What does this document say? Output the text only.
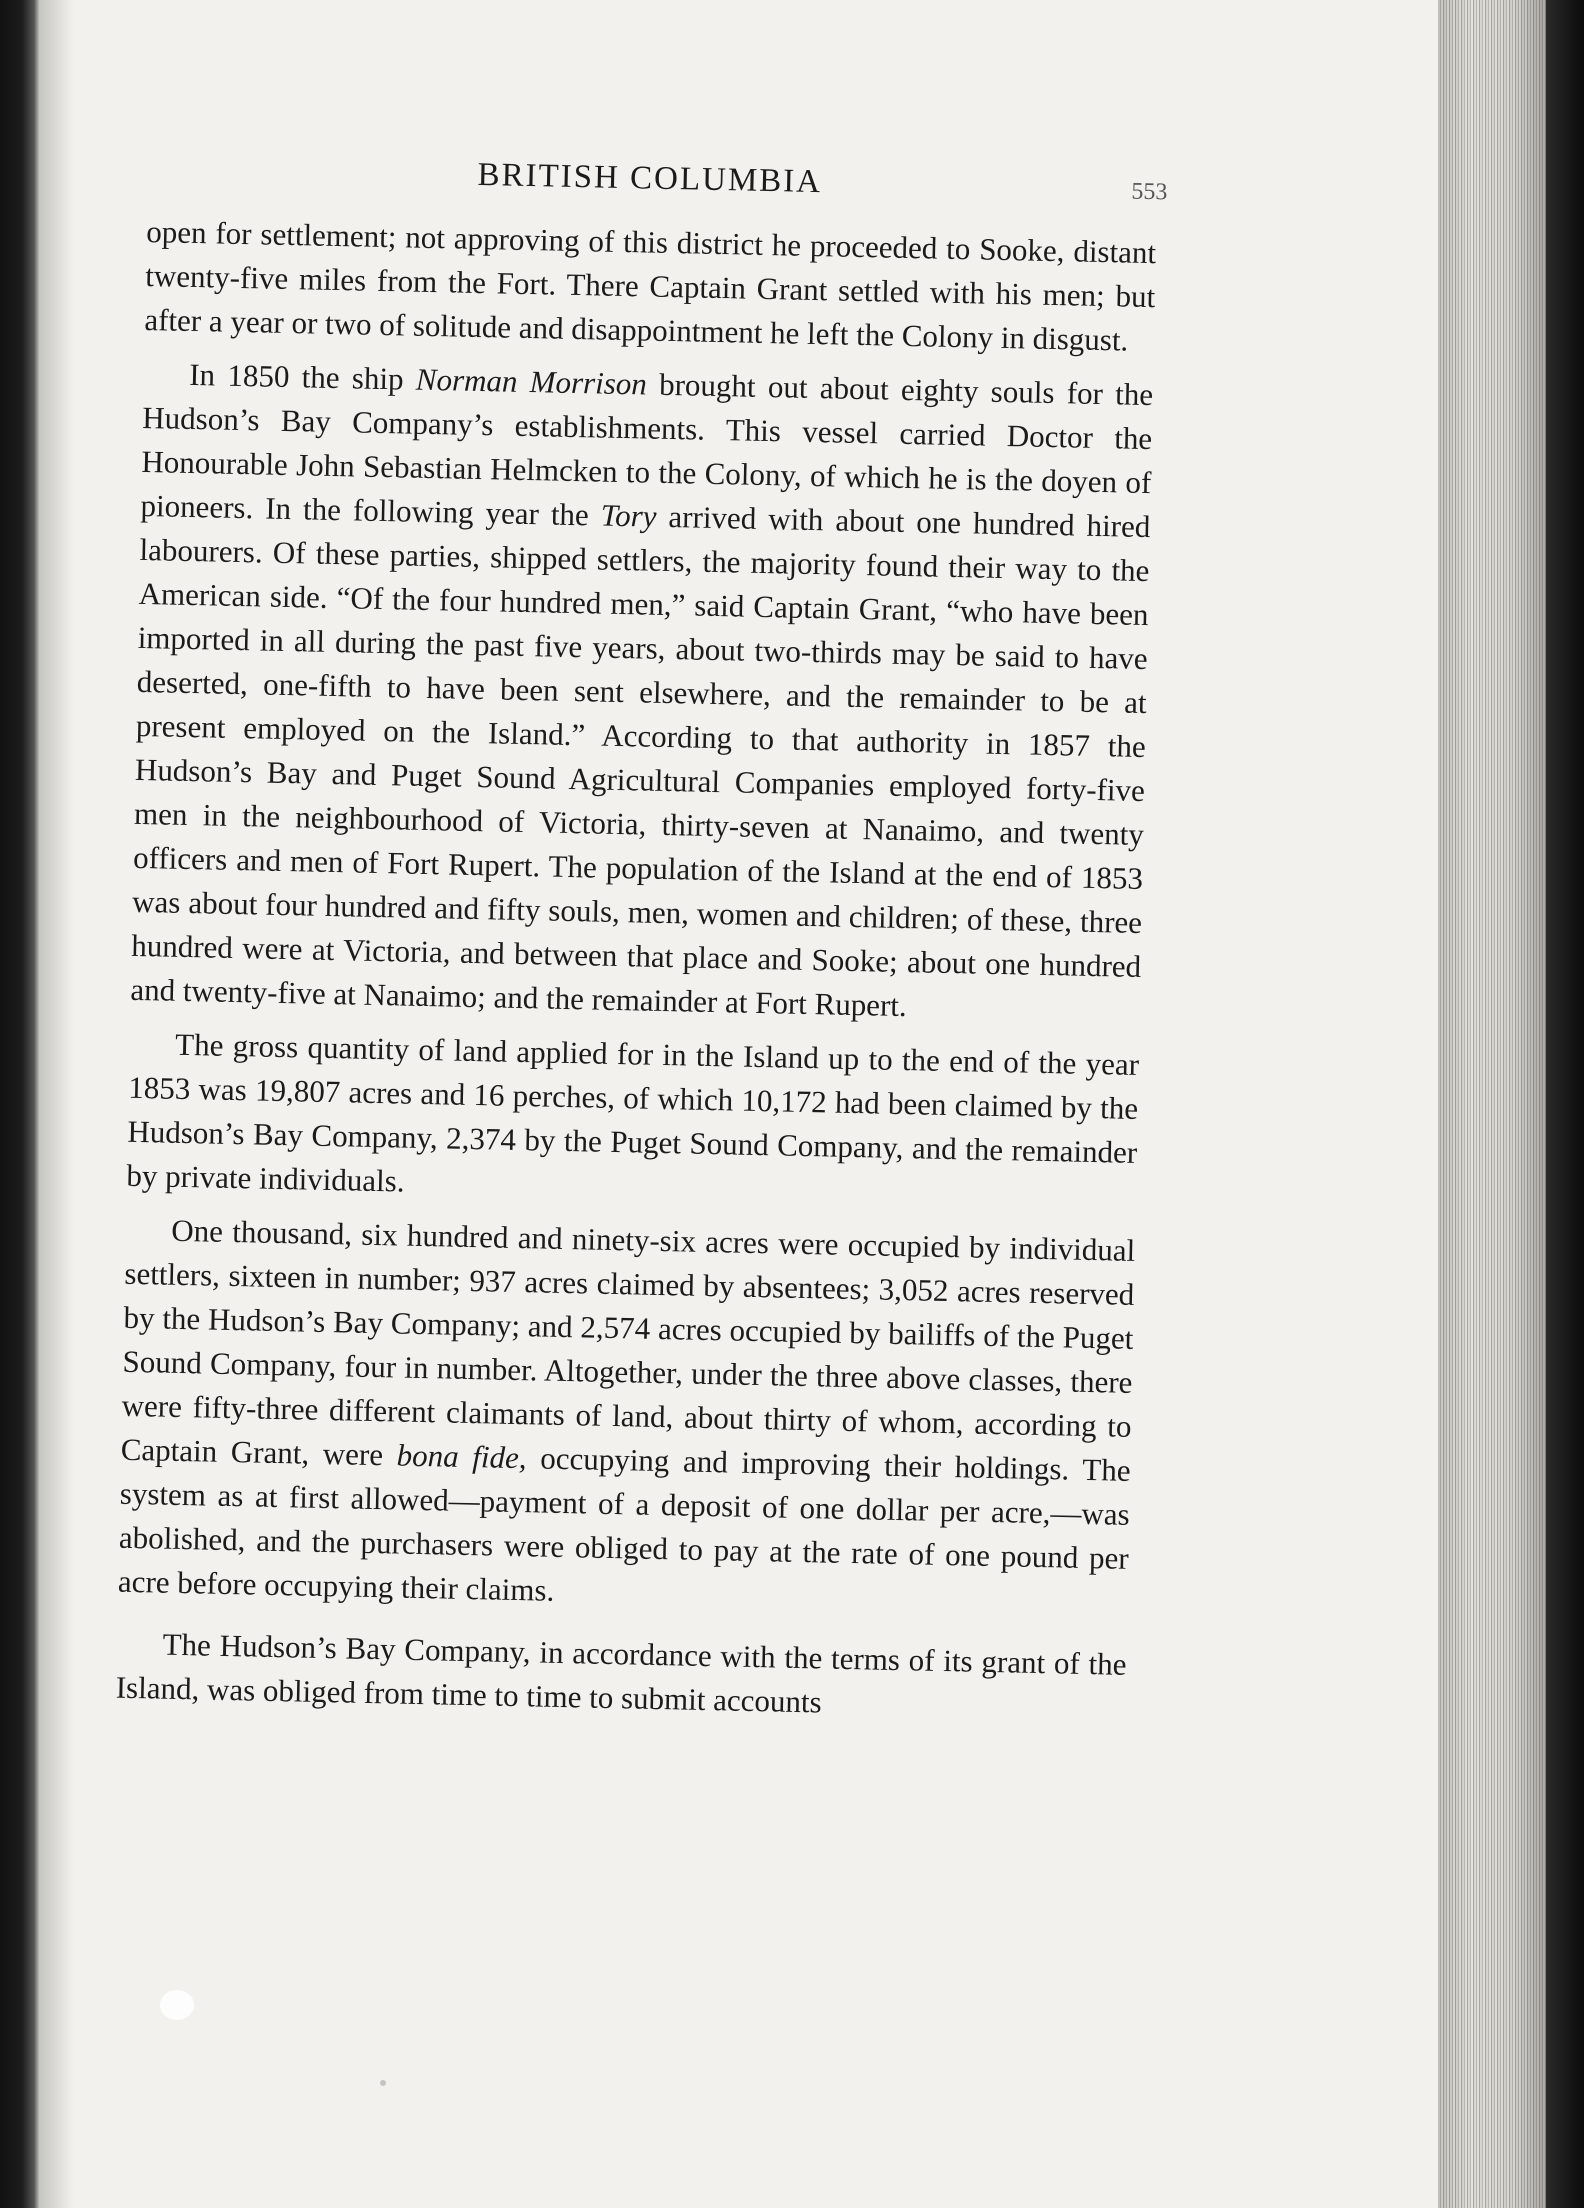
BRITISH COLUMBIA	553

open for settlement; not approving of this district he proceeded to Sooke, distant twenty-five miles from the Fort. There Captain Grant settled with his men; but after a year or two of solitude and disappointment he left the Colony in disgust.

In 1850 the ship Norman Morrison brought out about eighty souls for the Hudson’s Bay Company’s establishments. This vessel carried Doctor the Honourable John Sebastian Helmcken to the Colony, of which he is the doyen of pioneers. In the following year the Tory arrived with about one hundred hired labourers. Of these parties, shipped settlers, the majority found their way to the American side. “Of the four hundred men,” said Captain Grant, “who have been imported in all during the past five years, about two-thirds may be said to have deserted, one-fifth to have been sent elsewhere, and the remainder to be at present employed on the Island.” According to that authority in 1857 the Hudson’s Bay and Puget Sound Agricultural Companies employed forty-five men in the neighbourhood of Victoria, thirty-seven at Nanaimo, and twenty officers and men of Fort Rupert. The population of the Island at the end of 1853 was about four hundred and fifty souls, men, women and children; of these, three hundred were at Victoria, and between that place and Sooke; about one hundred and twenty-five at Nanaimo; and the remainder at Fort Rupert.

The gross quantity of land applied for in the Island up to the end of the year 1853 was 19,807 acres and 16 perches, of which 10,172 had been claimed by the Hudson’s Bay Company, 2,374 by the Puget Sound Company, and the remainder by private individuals.

One thousand, six hundred and ninety-six acres were occupied by individual settlers, sixteen in number; 937 acres claimed by absentees; 3,052 acres reserved by the Hudson’s Bay Company; and 2,574 acres occupied by bailiffs of the Puget Sound Company, four in number. Altogether, under the three above classes, there were fifty-three different claimants of land, about thirty of whom, according to Captain Grant, were bona fide, occupying and improving their holdings. The system as at first allowed—payment of a deposit of one dollar per acre,—was abolished, and the purchasers were obliged to pay at the rate of one pound per acre before occupying their claims.

The Hudson’s Bay Company, in accordance with the terms of its grant of the Island, was obliged from time to time to submit accounts
